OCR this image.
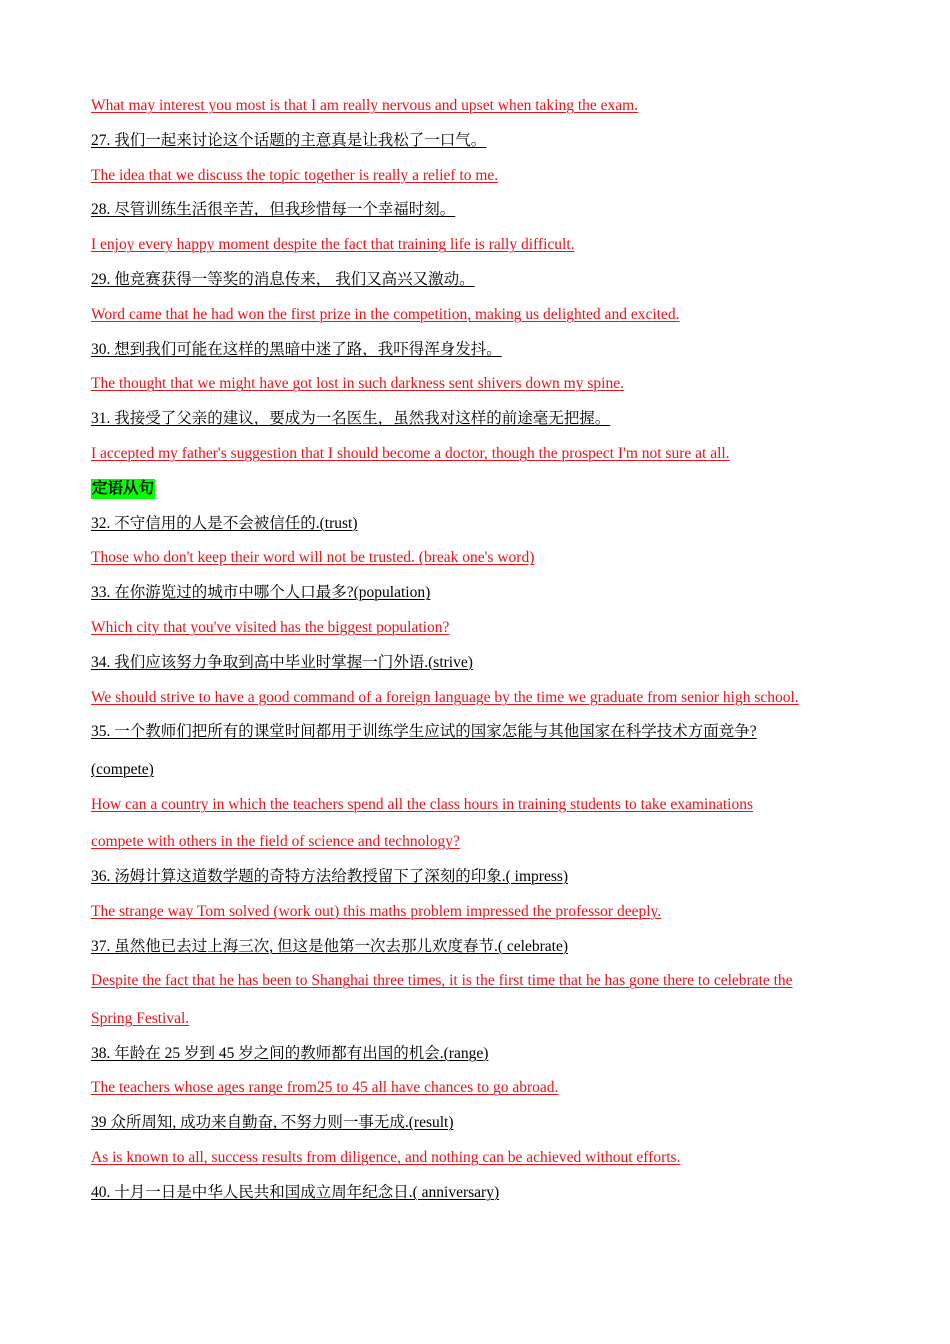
What may interest you most is that I am really nervous and upset when taking the exam.
27. 我们一起来讨论这个话题的主意真是让我松了一口气。
The idea that we discuss the topic together is really a relief to me.
28. 尽管训练生活很辛苦，但我珍惜每一个幸福时刻。
I enjoy every happy moment despite the fact that training life is rally difficult.
29. 他竞赛获得一等奖的消息传来， 我们又高兴又激动。
Word came that he had won the first prize in the competition, making us delighted and excited.
30. 想到我们可能在这样的黑暗中迷了路，我吓得浑身发抖。
The thought that we might have got lost in such darkness sent shivers down my spine.
31. 我接受了父亲的建议，要成为一名医生，虽然我对这样的前途毫无把握。
I accepted my father's suggestion that I should become a doctor, though the prospect I'm not sure at all.
定语从句
32. 不守信用的人是不会被信任的.(trust)
Those who don't keep their word will not be trusted. (break one's word)
33. 在你游览过的城市中哪个人口最多?(population)
Which city that you've visited has the biggest population?
34. 我们应该努力争取到高中毕业时掌握一门外语.(strive)
We should strive to have a good command of a foreign language by the time we graduate from senior high school.
35. 一个教师们把所有的课堂时间都用于训练学生应试的国家怎能与其他国家在科学技术方面竞争?
(compete)
How can a country in which the teachers spend all the class hours in training students to take examinations
compete with others in the field of science and technology?
36. 汤姆计算这道数学题的奇特方法给教授留下了深刻的印象.( impress)
The strange way Tom solved (work out) this maths problem impressed the professor deeply.
37. 虽然他已去过上海三次, 但这是他第一次去那儿欢度春节.( celebrate)
Despite the fact that he has been to Shanghai three times, it is the first time that he has gone there to celebrate the
Spring Festival.
38. 年龄在 25 岁到 45 岁之间的教师都有出国的机会.(range)
The teachers whose ages range from25 to 45 all have chances to go abroad.
39 众所周知, 成功来自勤奋, 不努力则一事无成.(result)
As is known to all, success results from diligence, and nothing can be achieved without efforts.
40. 十月一日是中华人民共和国成立周年纪念日.( anniversary)
